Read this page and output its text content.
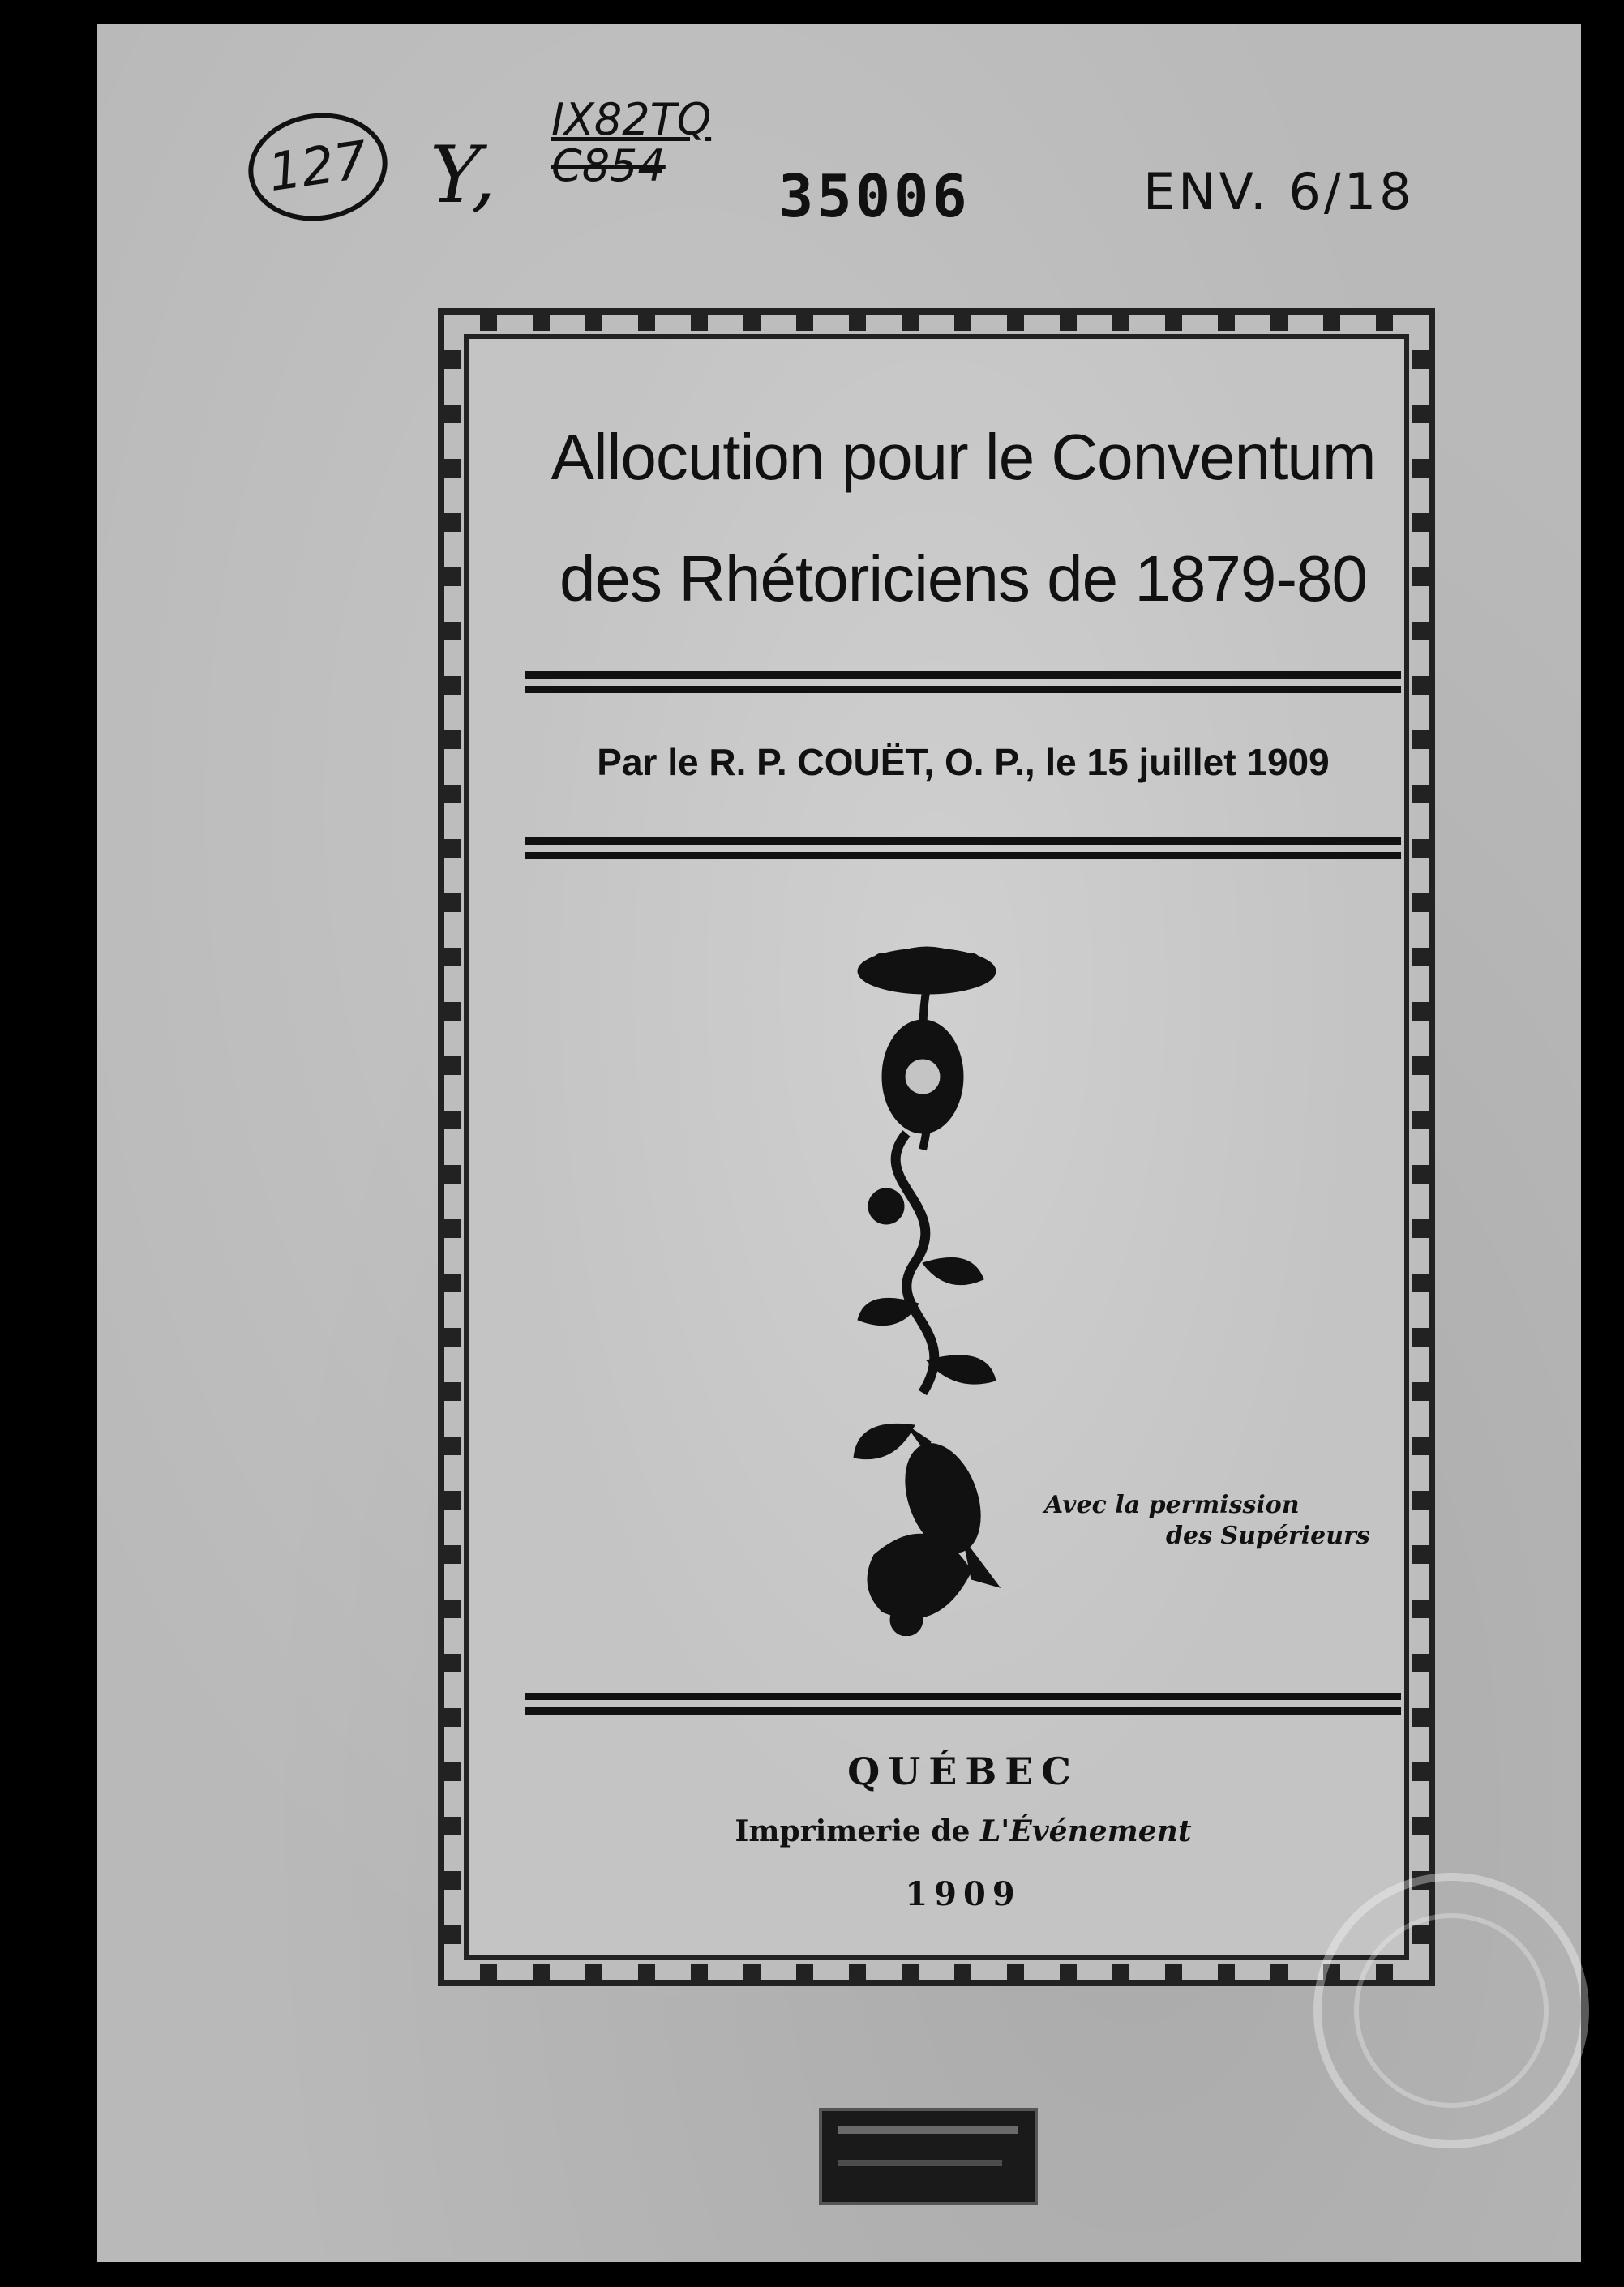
127 Y,
IX82TQ
C854	35006	ENV. 6/18
Allocution pour le Conventum
des Rhétoriciens de 1879-80
Par le R. P. COUËT, O. P., le 15 juillet 1909
Avec la permission
des Supérieurs
QUÉBEC
Imprimerie de L'Événement
1909
